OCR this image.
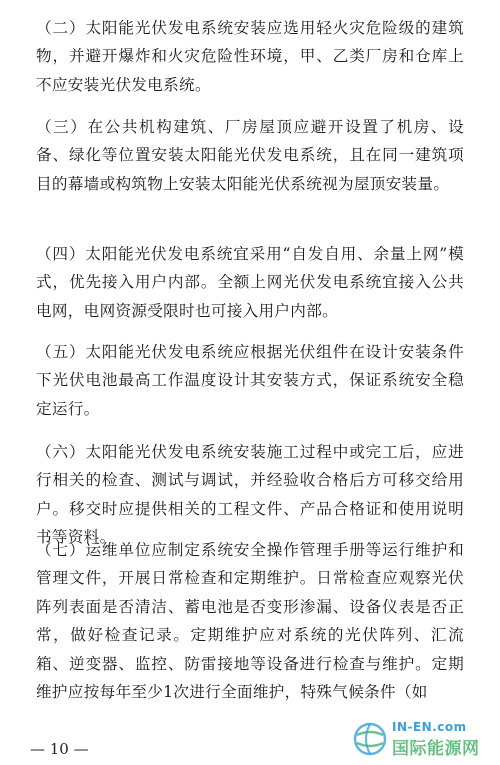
（二）太阳能光伏发电系统安装应选用轻火灾危险级的建筑物，并避开爆炸和火灾危险性环境，甲、乙类厂房和仓库上不应安装光伏发电系统。

（三）在公共机构建筑、厂房屋顶应避开设置了机房、设备、绿化等位置安装太阳能光伏发电系统，且在同一建筑项目的幕墙或构筑物上安装太阳能光伏系统视为屋顶安装量。

（四）太阳能光伏发电系统宜采用“自发自用、余量上网”模式，优先接入用户内部。全额上网光伏发电系统宜接入公共电网，电网资源受限时也可接入用户内部。

（五）太阳能光伏发电系统应根据光伏组件在设计安装条件下光伏电池最高工作温度设计其安装方式，保证系统安全稳定运行。

（六）太阳能光伏发电系统安装施工过程中或完工后，应进行相关的检查、测试与调试，并经验收合格后方可移交给用户。移交时应提供相关的工程文件、产品合格证和使用说明书等资料。

（七）运维单位应制定系统安全操作管理手册等运行维护和管理文件，开展日常检查和定期维护。日常检查应观察光伏阵列表面是否清洁、蓄电池是否变形渗漏、设备仪表是否正常，做好检查记录。定期维护应对系统的光伏阵列、汇流箱、逆变器、监控、防雷接地等设备进行检查与维护。定期维护应按每年至少1次进行全面维护，特殊气候条件（如

— 10 —
IN-EN.com
国际能源网
